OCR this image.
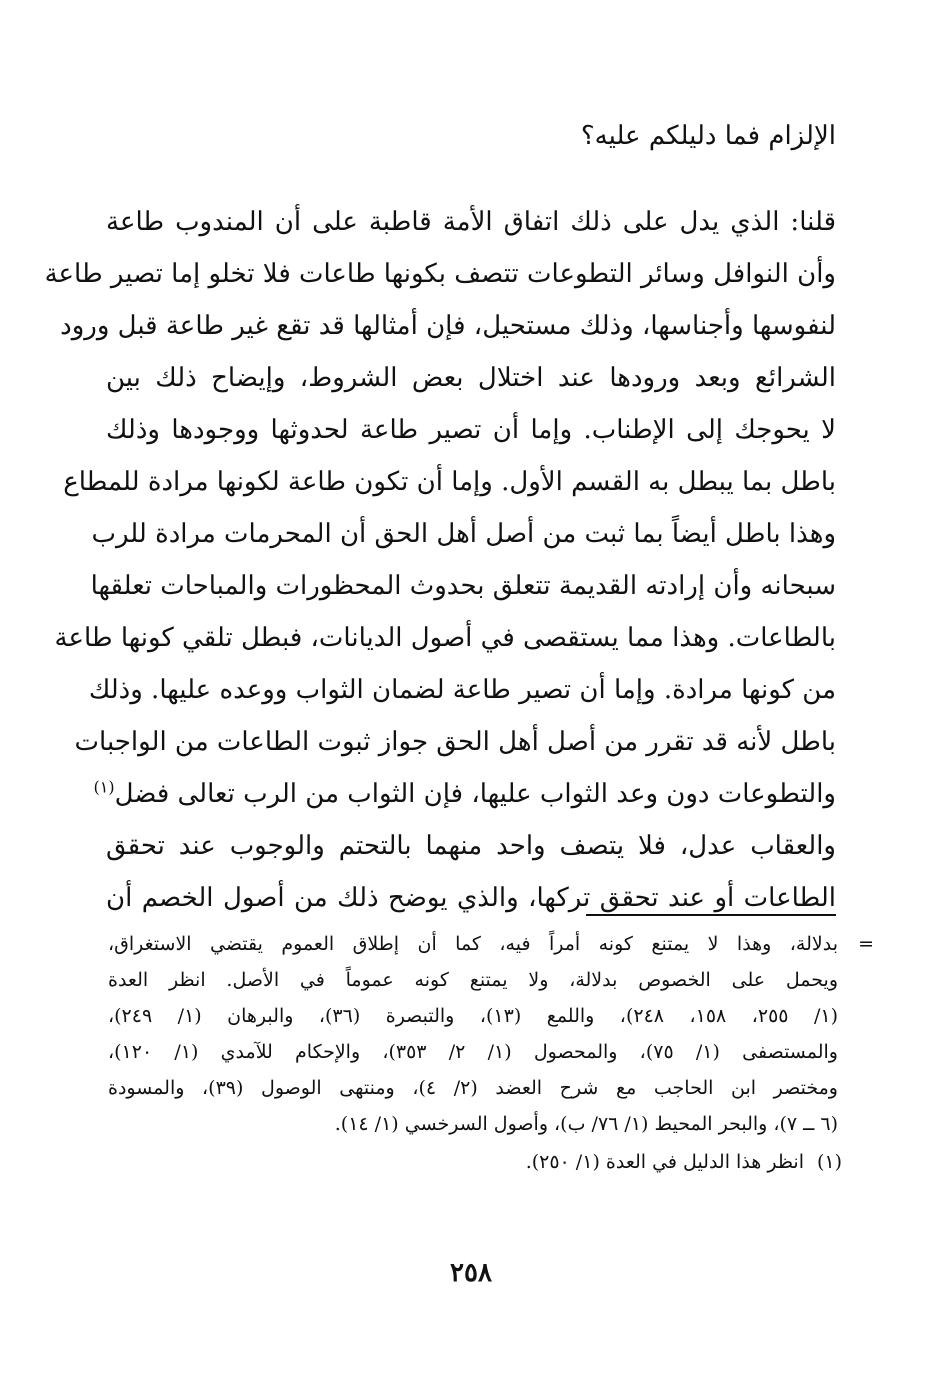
الإلزام فما دليلكم عليه؟
قلنا: الذي يدل على ذلك اتفاق الأمة قاطبة على أن المندوب طاعة
وأن النوافل وسائر التطوعات تتصف بكونها طاعات فلا تخلو إما تصير طاعة
لنفوسها وأجناسها، وذلك مستحيل، فإن أمثالها قد تقع غير طاعة قبل ورود
الشرائع وبعد ورودها عند اختلال بعض الشروط، وإيضاح ذلك بين
لا يحوجك إلى الإطناب. وإما أن تصير طاعة لحدوثها ووجودها وذلك
باطل بما يبطل به القسم الأول. وإما أن تكون طاعة لكونها مرادة للمطاع
وهذا باطل أيضاً بما ثبت من أصل أهل الحق أن المحرمات مرادة للرب
سبحانه وأن إرادته القديمة تتعلق بحدوث المحظورات والمباحات تعلقها
بالطاعات. وهذا مما يستقصى في أصول الديانات، فبطل تلقي كونها طاعة
من كونها مرادة. وإما أن تصير طاعة لضمان الثواب ووعده عليها. وذلك
باطل لأنه قد تقرر من أصل أهل الحق جواز ثبوت الطاعات من الواجبات
والتطوعات دون وعد الثواب عليها، فإن الثواب من الرب تعالى فضل$^{(١)}$
والعقاب عدل، فلا يتصف واحد منهما بالتحتم والوجوب عند تحقق
الطاعات أو عند تحقق تركها، والذي يوضح ذلك من أصول الخصم أن
=
بدلالة، وهذا لا يمتنع كونه أمراً فيه، كما أن إطلاق العموم يقتضي الاستغراق،
ويحمل على الخصوص بدلالة، ولا يمتنع كونه عموماً في الأصل. انظر العدة
(١/ ٢٥٥، ١٥٨، ٢٤٨)، واللمع (١٣)، والتبصرة (٣٦)، والبرهان (١/ ٢٤٩)،
والمستصفى (١/ ٧٥)، والمحصول (١/ ٢/ ٣٥٣)، والإحكام للآمدي (١/ ١٢٠)،
ومختصر ابن الحاجب مع شرح العضد (٢/ ٤)، ومنتهى الوصول (٣٩)، والمسودة
(٦ ــ ٧)، والبحر المحيط (١/ ٧٦/ ب)، وأصول السرخسي (١/ ١٤).
(١)
انظر هذا الدليل في العدة (١/ ٢٥٠).
٢٥٨
